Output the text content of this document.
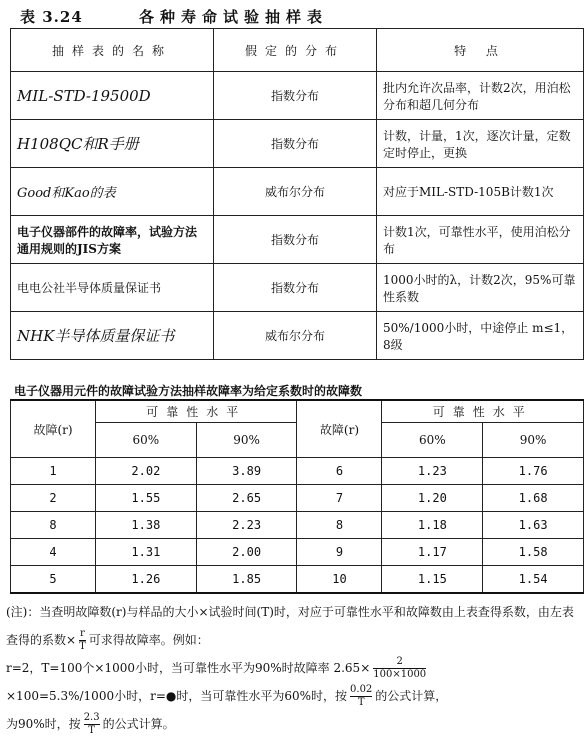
表 3.24	各种寿命试验抽样表
抽样表的名称	假定的分布	特 点
MIL-STD-19500D	指数分布	批内允许次品率，计数2次，用泊松分布和超几何分布
H108QC和R手册	指数分布	计数，计量，1次，逐次计量，定数定时停止，更换
Good和Kao的表	威布尔分布	对应于MIL-STD-105B计数1次
电子仪器部件的故障率，试验方法通用规则的JIS方案	指数分布	计数1次，可靠性水平，使用泊松分布
电电公社半导体质量保证书	指数分布	1000小时的λ，计数2次，95%可靠性系数
NHK半导体质量保证书	威布尔分布	50%/1000小时，中途停止 m≤1，8级
电子仪器用元件的故障试验方法抽样故障率为给定系数时的故障数
故障(r)	可靠性水平		故障(r)	可靠性水平	
	60%	90%		60%	90%
1	2.02	3.89	6	1.23	1.76
2	1.55	2.65	7	1.20	1.68
8	1.38	2.23	8	1.18	1.63
4	1.31	2.00	9	1.17	1.58
5	1.26	1.85	10	1.15	1.54
(注)：当查明故障数(r)与样品的大小×试验时间(T)时，对应于可靠性水平和故障数由上表查得系数，由左表查得的系数× $\frac{r}{T}$ 可求得故障率。例如：
r=2，T=100个×1000小时，当可靠性水平为90%时故障率 $2.65\times \frac{2}{100\times 1000}$
×100=5.3%/1000小时，r=●时，当可靠性水平为60%时，按 $\frac{0.02}{T}$ 的公式计算，
为90%时，按 $\frac{2.3}{T}$ 的公式计算。
